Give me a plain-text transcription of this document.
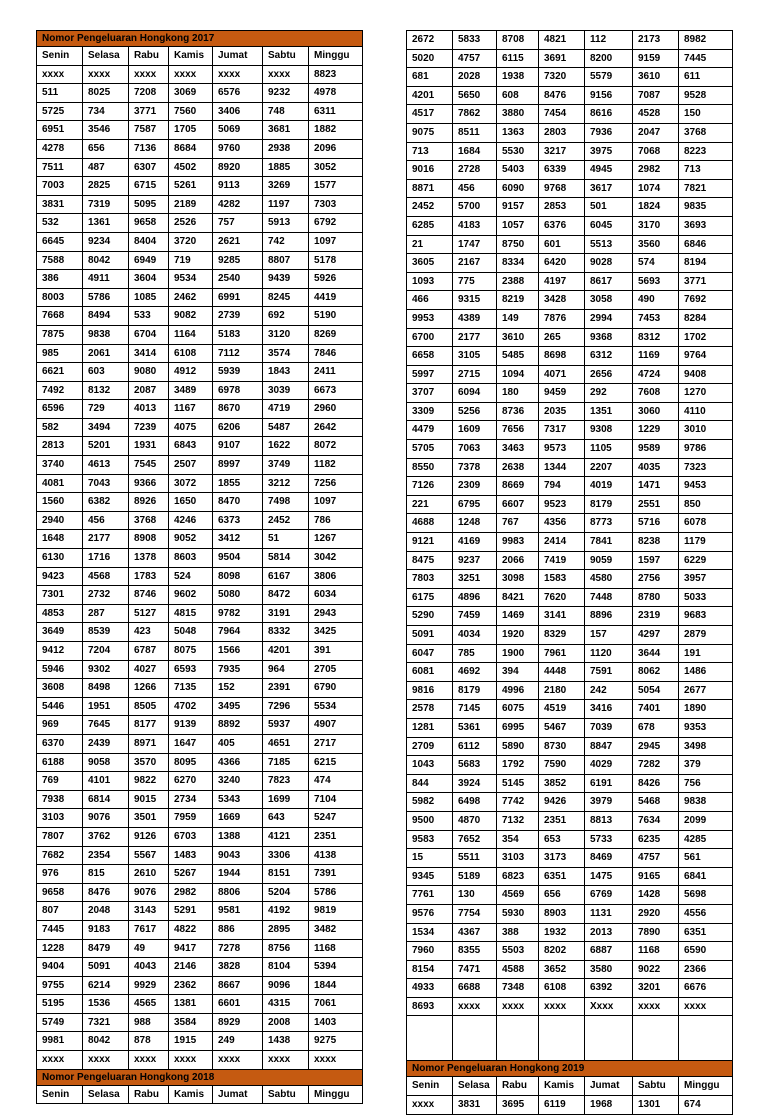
Nomor Pengeluaran Hongkong 2017						
Senin	Selasa	Rabu	Kamis	Jumat	Sabtu	Minggu
xxxx	xxxx	xxxx	xxxx	xxxx	xxxx	8823
511	8025	7208	3069	6576	9232	4978
5725	734	3771	7560	3406	748	6311
6951	3546	7587	1705	5069	3681	1882
4278	656	7136	8684	9760	2938	2096
7511	487	6307	4502	8920	1885	3052
7003	2825	6715	5261	9113	3269	1577
3831	7319	5095	2189	4282	1197	7303
532	1361	9658	2526	757	5913	6792
6645	9234	8404	3720	2621	742	1097
7588	8042	6949	719	9285	8807	5178
386	4911	3604	9534	2540	9439	5926
8003	5786	1085	2462	6991	8245	4419
7668	8494	533	9082	2739	692	5190
7875	9838	6704	1164	5183	3120	8269
985	2061	3414	6108	7112	3574	7846
6621	603	9080	4912	5939	1843	2411
7492	8132	2087	3489	6978	3039	6673
6596	729	4013	1167	8670	4719	2960
582	3494	7239	4075	6206	5487	2642
2813	5201	1931	6843	9107	1622	8072
3740	4613	7545	2507	8997	3749	1182
4081	7043	9366	3072	1855	3212	7256
1560	6382	8926	1650	8470	7498	1097
2940	456	3768	4246	6373	2452	786
1648	2177	8908	9052	3412	51	1267
6130	1716	1378	8603	9504	5814	3042
9423	4568	1783	524	8098	6167	3806
7301	2732	8746	9602	5080	8472	6034
4853	287	5127	4815	9782	3191	2943
3649	8539	423	5048	7964	8332	3425
9412	7204	6787	8075	1566	4201	391
5946	9302	4027	6593	7935	964	2705
3608	8498	1266	7135	152	2391	6790
5446	1951	8505	4702	3495	7296	5534
969	7645	8177	9139	8892	5937	4907
6370	2439	8971	1647	405	4651	2717
6188	9058	3570	8095	4366	7185	6215
769	4101	9822	6270	3240	7823	474
7938	6814	9015	2734	5343	1699	7104
3103	9076	3501	7959	1669	643	5247
7807	3762	9126	6703	1388	4121	2351
7682	2354	5567	1483	9043	3306	4138
976	815	2610	5267	1944	8151	7391
9658	8476	9076	2982	8806	5204	5786
807	2048	3143	5291	9581	4192	9819
7445	9183	7617	4822	886	2895	3482
1228	8479	49	9417	7278	8756	1168
9404	5091	4043	2146	3828	8104	5394
9755	6214	9929	2362	8667	9096	1844
5195	1536	4565	1381	6601	4315	7061
5749	7321	988	3584	8929	2008	1403
9981	8042	878	1915	249	1438	9275
xxxx	xxxx	xxxx	xxxx	xxxx	xxxx	xxxx
Nomor Pengeluaran Hongkong 2018						
Senin	Selasa	Rabu	Kamis	Jumat	Sabtu	Minggu
2672	5833	8708	4821	112	2173	8982
5020	4757	6115	3691	8200	9159	7445
681	2028	1938	7320	5579	3610	611
4201	5650	608	8476	9156	7087	9528
4517	7862	3880	7454	8616	4528	150
9075	8511	1363	2803	7936	2047	3768
713	1684	5530	3217	3975	7068	8223
9016	2728	5403	6339	4945	2982	713
8871	456	6090	9768	3617	1074	7821
2452	5700	9157	2853	501	1824	9835
6285	4183	1057	6376	6045	3170	3693
21	1747	8750	601	5513	3560	6846
3605	2167	8334	6420	9028	574	8194
1093	775	2388	4197	8617	5693	3771
466	9315	8219	3428	3058	490	7692
9953	4389	149	7876	2994	7453	8284
6700	2177	3610	265	9368	8312	1702
6658	3105	5485	8698	6312	1169	9764
5997	2715	1094	4071	2656	4724	9408
3707	6094	180	9459	292	7608	1270
3309	5256	8736	2035	1351	3060	4110
4479	1609	7656	7317	9308	1229	3010
5705	7063	3463	9573	1105	9589	9786
8550	7378	2638	1344	2207	4035	7323
7126	2309	8669	794	4019	1471	9453
221	6795	6607	9523	8179	2551	850
4688	1248	767	4356	8773	5716	6078
9121	4169	9983	2414	7841	8238	1179
8475	9237	2066	7419	9059	1597	6229
7803	3251	3098	1583	4580	2756	3957
6175	4896	8421	7620	7448	8780	5033
5290	7459	1469	3141	8896	2319	9683
5091	4034	1920	8329	157	4297	2879
6047	785	1900	7961	1120	3644	191
6081	4692	394	4448	7591	8062	1486
9816	8179	4996	2180	242	5054	2677
2578	7145	6075	4519	3416	7401	1890
1281	5361	6995	5467	7039	678	9353
2709	6112	5890	8730	8847	2945	3498
1043	5683	1792	7590	4029	7282	379
844	3924	5145	3852	6191	8426	756
5982	6498	7742	9426	3979	5468	9838
9500	4870	7132	2351	8813	7634	2099
9583	7652	354	653	5733	6235	4285
15	5511	3103	3173	8469	4757	561
9345	5189	6823	6351	1475	9165	6841
7761	130	4569	656	6769	1428	5698
9576	7754	5930	8903	1131	2920	4556
1534	4367	388	1932	2013	7890	6351
7960	8355	5503	8202	6887	1168	6590
8154	7471	4588	3652	3580	9022	2366
4933	6688	7348	6108	6392	3201	6676
8693	xxxx	xxxx	xxxx	Xxxx	xxxx	xxxx

Nomor Pengeluaran Hongkong 2019						
Senin	Selasa	Rabu	Kamis	Jumat	Sabtu	Minggu
xxxx	3831	3695	6119	1968	1301	674
